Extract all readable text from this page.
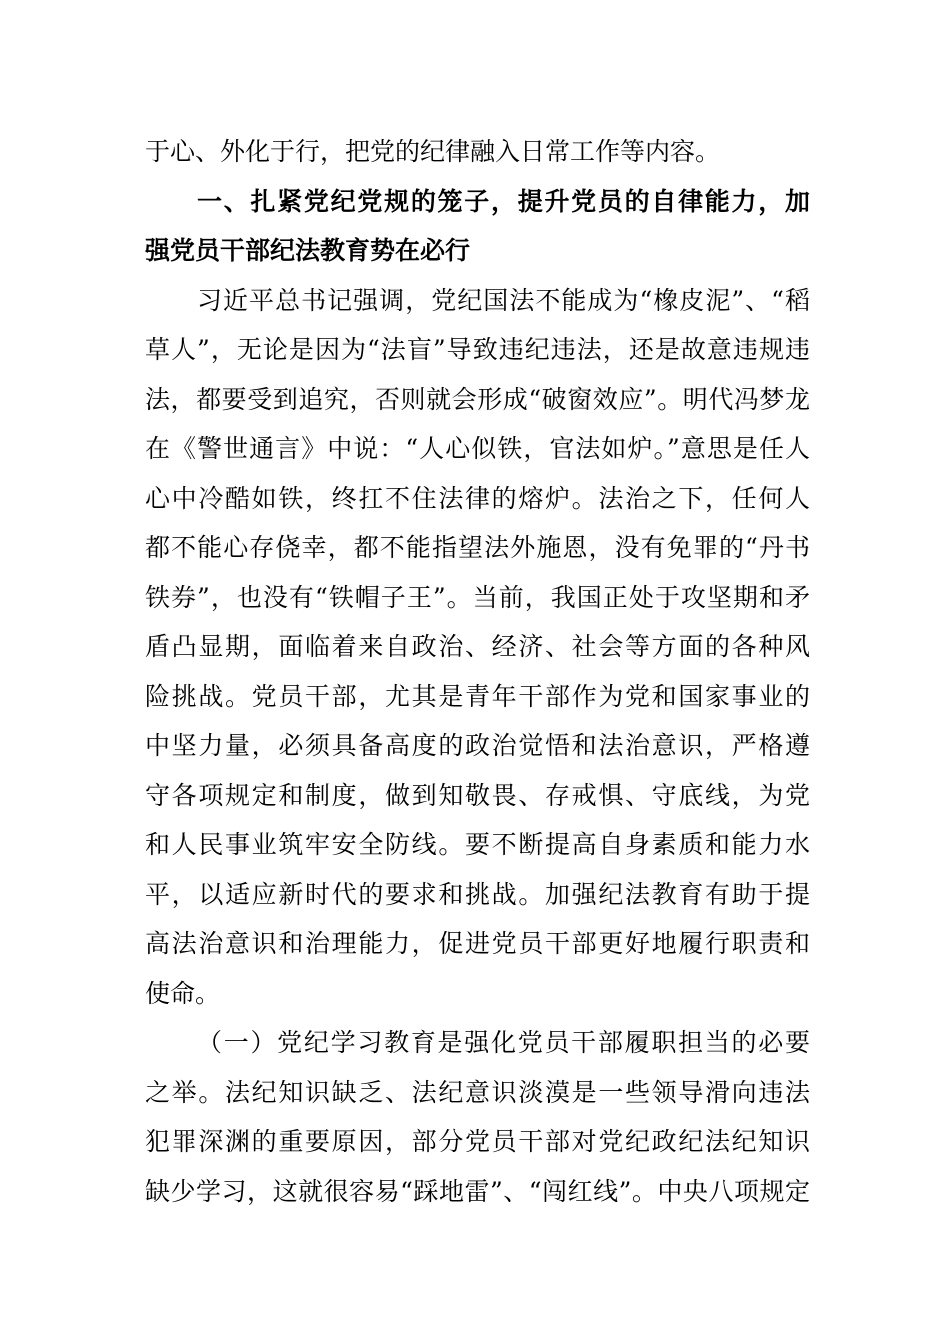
于心、外化于行，把党的纪律融入日常工作等内容。
一、扎紧党纪党规的笼子，提升党员的自律能力，加
强党员干部纪法教育势在必行
习近平总书记强调，党纪国法不能成为“橡皮泥”、“稻
草人”，无论是因为“法盲”导致违纪违法，还是故意违规违
法，都要受到追究，否则就会形成“破窗效应”。明代冯梦龙
在《警世通言》中说：“人心似铁，官法如炉。”意思是任人
心中冷酷如铁，终扛不住法律的熔炉。法治之下，任何人
都不能心存侥幸，都不能指望法外施恩，没有免罪的“丹书
铁券”，也没有“铁帽子王”。当前，我国正处于攻坚期和矛
盾凸显期，面临着来自政治、经济、社会等方面的各种风
险挑战。党员干部，尤其是青年干部作为党和国家事业的
中坚力量，必须具备高度的政治觉悟和法治意识，严格遵
守各项规定和制度，做到知敬畏、存戒惧、守底线，为党
和人民事业筑牢安全防线。要不断提高自身素质和能力水
平，以适应新时代的要求和挑战。加强纪法教育有助于提
高法治意识和治理能力，促进党员干部更好地履行职责和
使命。
（一）党纪学习教育是强化党员干部履职担当的必要
之举。法纪知识缺乏、法纪意识淡漠是一些领导滑向违法
犯罪深渊的重要原因，部分党员干部对党纪政纪法纪知识
缺少学习，这就很容易“踩地雷”、“闯红线”。中央八项规定
